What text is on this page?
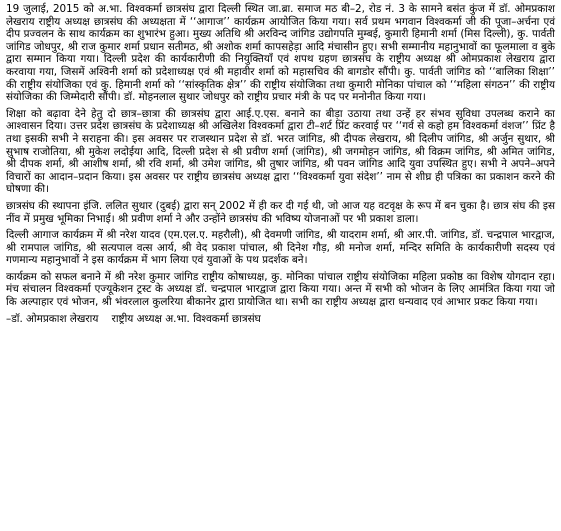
19 जुलाई, 2015 को अ.भा. विश्वकर्मा छात्रसंघ द्वारा दिल्ली स्थित जा.ब्रा. समाज मठ बी–2, रोड नं. 3 के सामने बसंत कुंज में डॉ. ओमप्रकाश लेखराय राष्ट्रीय अध्यक्ष छात्रसंघ की अध्यक्षता में ‘‘आगाज’’ कार्यक्रम आयोजित किया गया। सर्व प्रथम भगवान विश्वकर्मा जी की पूजा–अर्चना एवं दीप प्रज्वलन के साथ कार्यक्रम का शुभारंभ हुआ। मुख्य अतिथि श्री अरविन्द जांगिड उद्योगपति मुम्बई, कुमारी हिमानी शर्मा (मिस दिल्ली), कु. पार्वती जांगिड जोधपुर, श्री राज कुमार शर्मा प्रधान सतीमठ, श्री अशोक शर्मा कापसहेड़ा आदि मंचासीन हुए। सभी सम्मानीय महानुभावों का फूलमाला व बुके द्वारा सम्मान किया गया। दिल्ली प्रदेश की कार्यकारीणी की नियुक्तियाँ एवं शपथ ग्रहण छात्रसंघ के राष्ट्रीय अध्यक्ष श्री ओमप्रकाश लेखराय द्वारा करवाया गया, जिसमें अश्विनी शर्मा को प्रदेशाध्यक्ष एवं श्री महावीर शर्मा को महासचिव की बागडोर सौंपी। कु. पार्वती जांगिड को ‘‘बालिका शिक्षा’’ की राष्ट्रीय संयोजिका एवं कु. हिमानी शर्मा को ‘‘सांस्कृतिक क्षेत्र’’ की राष्ट्रीय संयोजिका तथा कुमारी मोनिका पांचाल को ‘‘महिला संगठन’’ की राष्ट्रीय संयोजिका की जिम्मेदारी सौंपी। डॉ. मोहनलाल सुथार जोधपुर को राष्ट्रीय प्रचार मंत्री के पद पर मनोनीत किया गया।

शिक्षा को बढ़ावा देने हेतु दो छात्र–छात्रा की छात्रसंघ द्वारा आई.ए.एस. बनाने का बीड़ा उठाया तथा उन्हें हर संभव सुविधा उपलब्ध कराने का आश्वासन दिया। उत्तर प्रदेश छात्रसंघ के प्रदेशाध्यक्ष श्री अखिलेश विश्वकर्मा द्वारा टी–शर्ट प्रिंट करवाई पर ‘‘गर्व से कहो हम विश्वकर्मा वंशज’’ प्रिंट है तथा इसकी सभी ने सराहना की। इस अवसर पर राजस्थान प्रदेश से डॉ. भरत जांगिड, श्री दीपक लेखराय, श्री दिलीप जांगिड, श्री अर्जुन सुथार, श्री सुभाष राजोतिया, श्री मुकेश लदोईया आदि, दिल्ली प्रदेश से श्री प्रवीण शर्मा (जांगिड), श्री जगमोहन जांगिड, श्री विक्रम जांगिड, श्री अमित जांगिड, श्री दीपक शर्मा, श्री आशीष शर्मा, श्री रवि शर्मा, श्री उमेश जांगिड, श्री तुषार जांगिड, श्री पवन जांगिड आदि युवा उपस्थित हुए। सभी ने अपने–अपने विचारों का आदान–प्रदान किया। इस अवसर पर राष्ट्रीय छात्रसंघ अध्यक्ष द्वारा ‘‘विश्वकर्मा युवा संदेश’’ नाम से शीघ्र ही पत्रिका का प्रकाशन करने की घोषणा की।

छात्रसंघ की स्थापना इंजि. ललित सुथार (दुबई) द्वारा सन् 2002 में ही कर दी गई थी, जो आज यह वटवृक्ष के रूप में बन चुका है। छात्र संघ की इस नींव में प्रमुख भूमिका निभाई। श्री प्रवीण शर्मा ने और उन्होंने छात्रसंघ की भविष्य योजनाओं पर भी प्रकाश डाला।

दिल्ली आगाज कार्यक्रम में श्री नरेश यादव (एम.एल.ए. महरौली), श्री देवमणी जांगिड, श्री यादराम शर्मा, श्री आर.पी. जांगिड, डॉ. चन्द्रपाल भारद्वाज, श्री रामपाल जांगिड, श्री सत्यपाल वत्स आर्य, श्री वेद प्रकाश पांचाल, श्री दिनेश गौड़, श्री मनोज शर्मा, मन्दिर समिति के कार्यकारीणी सदस्य एवं गणमान्य महानुभावों ने इस कार्यक्रम में भाग लिया एवं युवाओं के पथ प्रदर्शक बने।

कार्यक्रम को सफल बनाने में श्री नरेश कुमार जांगिड राष्ट्रीय कोषाध्यक्ष, कु. मोनिका पांचाल राष्ट्रीय संयोजिका महिला प्रकोष्ठ का विशेष योगदान रहा। मंच संचालन विश्वकर्मा एज्यूकेशन ट्रस्ट के अध्यक्ष डॉ. चन्द्रपाल भारद्वाज द्वारा किया गया। अन्त में सभी को भोजन के लिए आमंत्रित किया गया जो कि अल्पाहार एवं भोजन, श्री भंवरलाल कुलरिया बीकानेर द्वारा प्रायोजित था। सभी का राष्ट्रीय अध्यक्ष द्वारा धन्यवाद एवं आभार प्रकट किया गया।

–डॉ. ओमप्रकाश लेखराय    राष्ट्रीय अध्यक्ष अ.भा. विश्वकर्मा छात्रसंघ
